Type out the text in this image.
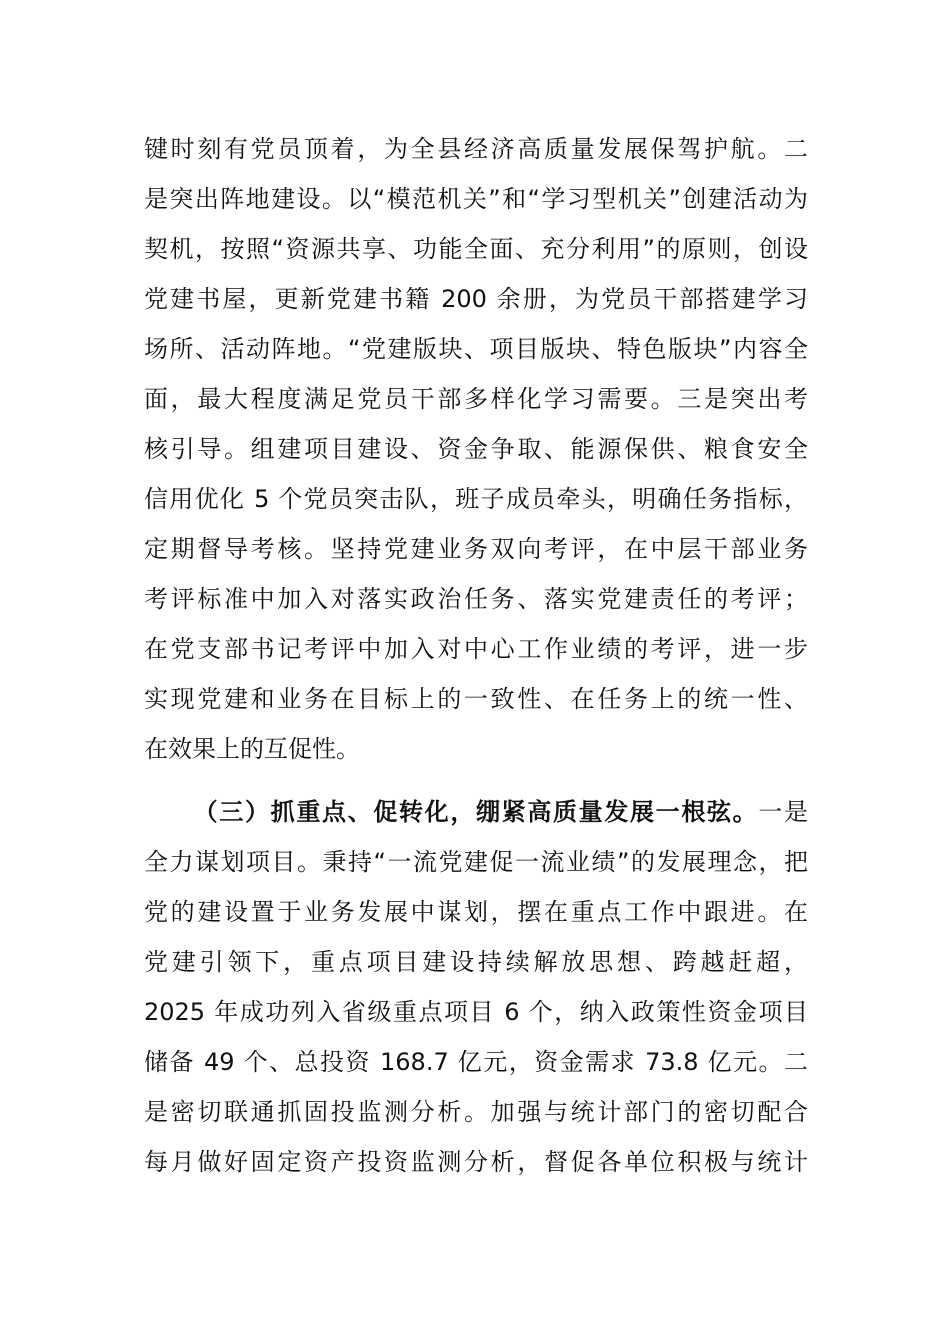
键时刻有党员顶着，为全县经济高质量发展保驾护航。二
是突出阵地建设。以“模范机关”和“学习型机关”创建活动为
契机，按照“资源共享、功能全面、充分利用”的原则，创设
党建书屋，更新党建书籍 200 余册，为党员干部搭建学习
场所、活动阵地。“党建版块、项目版块、特色版块”内容全
面，最大程度满足党员干部多样化学习需要。三是突出考
核引导。组建项目建设、资金争取、能源保供、粮食安全
信用优化 5 个党员突击队，班子成员牵头，明确任务指标，
定期督导考核。坚持党建业务双向考评，在中层干部业务
考评标准中加入对落实政治任务、落实党建责任的考评；
在党支部书记考评中加入对中心工作业绩的考评，进一步
实现党建和业务在目标上的一致性、在任务上的统一性、
在效果上的互促性。
（三）抓重点、促转化，绷紧高质量发展一根弦。一是
全力谋划项目。秉持“一流党建促一流业绩”的发展理念，把
党的建设置于业务发展中谋划，摆在重点工作中跟进。在
党建引领下，重点项目建设持续解放思想、跨越赶超，
2025 年成功列入省级重点项目 6 个，纳入政策性资金项目
储备 49 个、总投资 168.7 亿元，资金需求 73.8 亿元。二
是密切联通抓固投监测分析。加强与统计部门的密切配合
每月做好固定资产投资监测分析，督促各单位积极与统计
